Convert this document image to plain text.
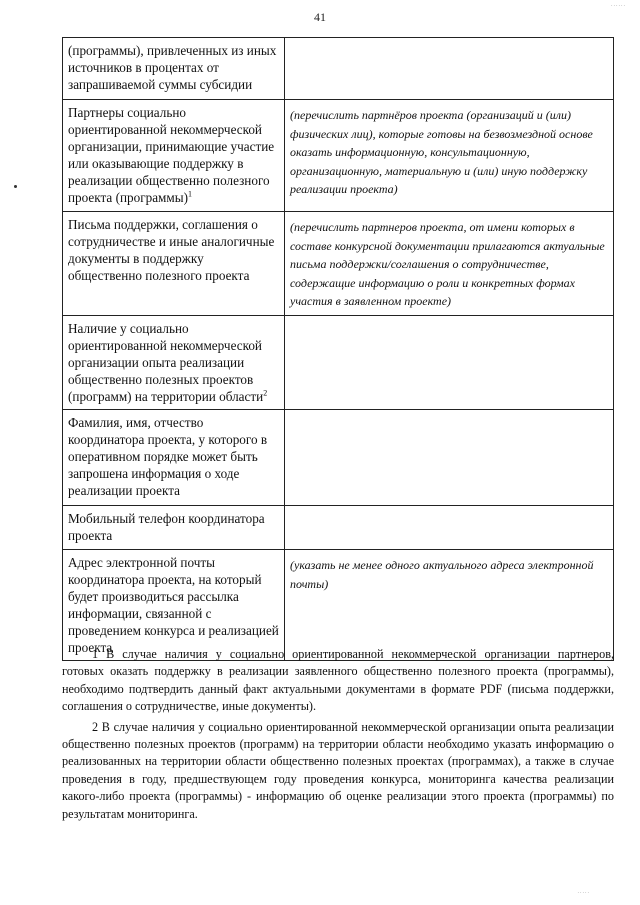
......
41
(программы), привлеченных из иных источников в процентах от запрашиваемой суммы субсидии	
Партнеры социально ориентированной некоммерческой организации, принимающие участие или оказывающие поддержку в реализации общественно полезного проекта (программы)$^1$	(перечислить партнёров проекта (организаций и (или) физических лиц), которые готовы на безвозмездной основе оказать информационную, консультационную, организационную, материальную и (или) иную поддержку реализации проекта)
Письма поддержки, соглашения о сотрудничестве и иные аналогичные документы в поддержку общественно полезного проекта	(перечислить партнеров проекта, от имени которых в составе конкурсной документации прилагаются актуальные письма поддержки/соглашения о сотрудничестве, содержащие информацию о роли и конкретных формах участия в заявленном проекте)
Наличие у социально ориентированной некоммерческой организации опыта реализации общественно полезных проектов (программ) на территории области$^2$	
Фамилия, имя, отчество координатора проекта, у которого в оперативном порядке может быть запрошена информация о ходе реализации проекта	
Мобильный телефон координатора проекта	
Адрес электронной почты координатора проекта, на который будет производиться рассылка информации, связанной с проведением конкурса и реализацией проекта	(указать не менее одного актуального адреса электронной почты)

1 В случае наличия у социально ориентированной некоммерческой организации партнеров, готовых оказать поддержку в реализации заявленного общественно полезного проекта (программы), необходимо подтвердить данный факт актуальными документами в формате PDF (письма поддержки, соглашения о сотрудничестве, иные документы).

2 В случае наличия у социально ориентированной некоммерческой организации опыта реализации общественно полезных проектов (программ) на территории области необходимо указать информацию о реализованных на территории области общественно полезных проектах (программах), а также в случае проведения в году, предшествующем году проведения конкурса, мониторинга качества реализации какого-либо проекта (программы) - информацию об оценке реализации этого проекта (программы) по результатам мониторинга.

.....
